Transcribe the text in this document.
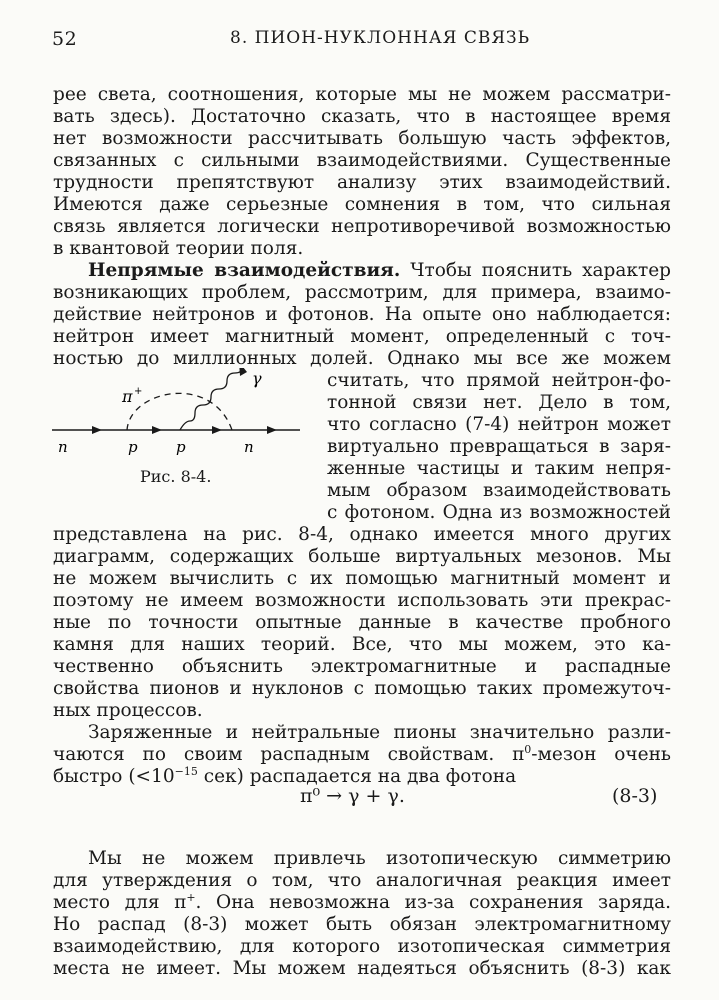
52	8. ПИОН-НУКЛОННАЯ СВЯЗЬ
рее света, соотношения, которые мы не можем рассматри-
вать здесь). Достаточно сказать, что в настоящее время
нет возможности рассчитывать большую часть эффектов,
связанных с сильными взаимодействиями. Существенные
трудности препятствуют анализу этих взаимодействий.
Имеются даже серьезные сомнения в том, что сильная
связь является логически непротиворечивой возможностью
в квантовой теории поля.
Непрямые взаимодействия. Чтобы пояснить характер
возникающих проблем, рассмотрим, для примера, взаимо-
действие нейтронов и фотонов. На опыте оно наблюдается:
нейтрон имеет магнитный момент, определенный с точ-
ностью до миллионных долей. Однако мы все же можем
считать, что прямой нейтрон-фо-
тонной связи нет. Дело в том,
что согласно (7-4) нейтрон может
виртуально превращаться в заря-
женные частицы и таким непря-
мым образом взаимодействовать
с фотоном. Одна из возможностей
представлена на рис. 8-4, однако имеется много других
диаграмм, содержащих больше виртуальных мезонов. Мы
не можем вычислить с их помощью магнитный момент и
поэтому не имеем возможности использовать эти прекрас-
ные по точности опытные данные в качестве пробного
камня для наших теорий. Все, что мы можем, это ка-
чественно объяснить электромагнитные и распадные
свойства пионов и нуклонов с помощью таких промежуточ-
ных процессов.
Заряженные и нейтральные пионы значительно разли-
чаются по своим распадным свойствам. $\pi^0$-мезон очень
быстро ($<10^{-15}$ сек) распадается на два фотона
π⁰ → γ + γ.	(8-3)
Мы не можем привлечь изотопическую симметрию
для утверждения о том, что аналогичная реакция имеет
место для π+. Она невозможна из-за сохранения заряда.
Но распад (8-3) может быть обязан электромагнитному
взаимодействию, для которого изотопическая симметрия
места не имеет. Мы можем надеяться объяснить (8-3) как
π +
γ
n	p	p	n
Рис. 8-4.
